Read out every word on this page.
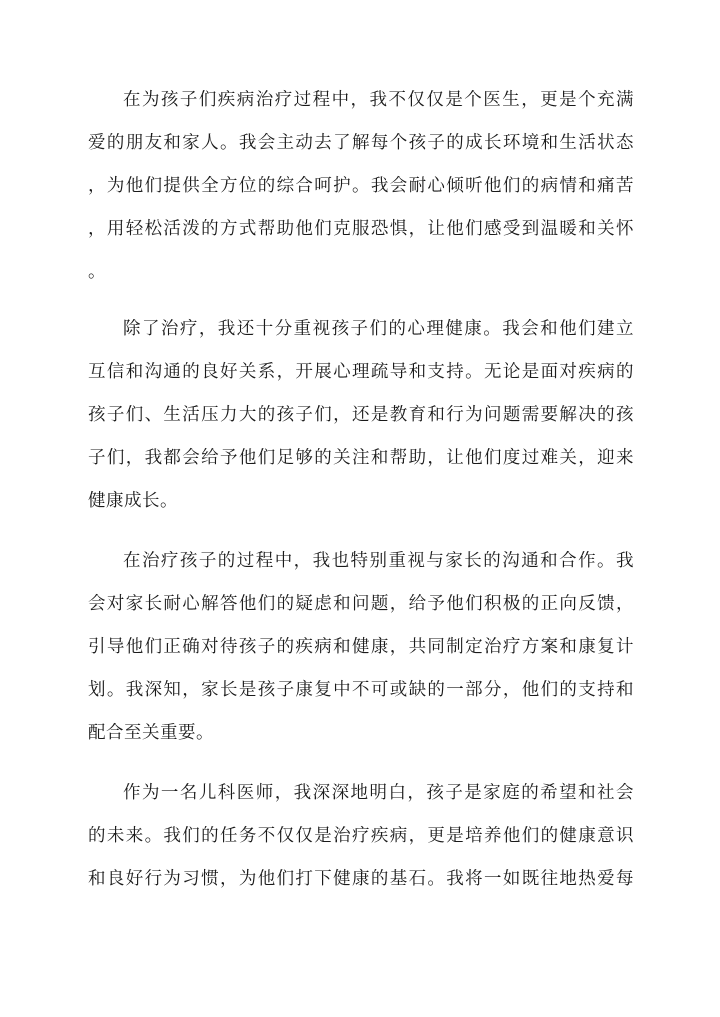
在为孩子们疾病治疗过程中，我不仅仅是个医生，更是个充满
爱的朋友和家人。我会主动去了解每个孩子的成长环境和生活状态
，为他们提供全方位的综合呵护。我会耐心倾听他们的病情和痛苦
，用轻松活泼的方式帮助他们克服恐惧，让他们感受到温暖和关怀
。
除了治疗，我还十分重视孩子们的心理健康。我会和他们建立
互信和沟通的良好关系，开展心理疏导和支持。无论是面对疾病的
孩子们、生活压力大的孩子们，还是教育和行为问题需要解决的孩
子们，我都会给予他们足够的关注和帮助，让他们度过难关，迎来
健康成长。
在治疗孩子的过程中，我也特别重视与家长的沟通和合作。我
会对家长耐心解答他们的疑虑和问题，给予他们积极的正向反馈，
引导他们正确对待孩子的疾病和健康，共同制定治疗方案和康复计
划。我深知，家长是孩子康复中不可或缺的一部分，他们的支持和
配合至关重要。
作为一名儿科医师，我深深地明白，孩子是家庭的希望和社会
的未来。我们的任务不仅仅是治疗疾病，更是培养他们的健康意识
和良好行为习惯，为他们打下健康的基石。我将一如既往地热爱每
